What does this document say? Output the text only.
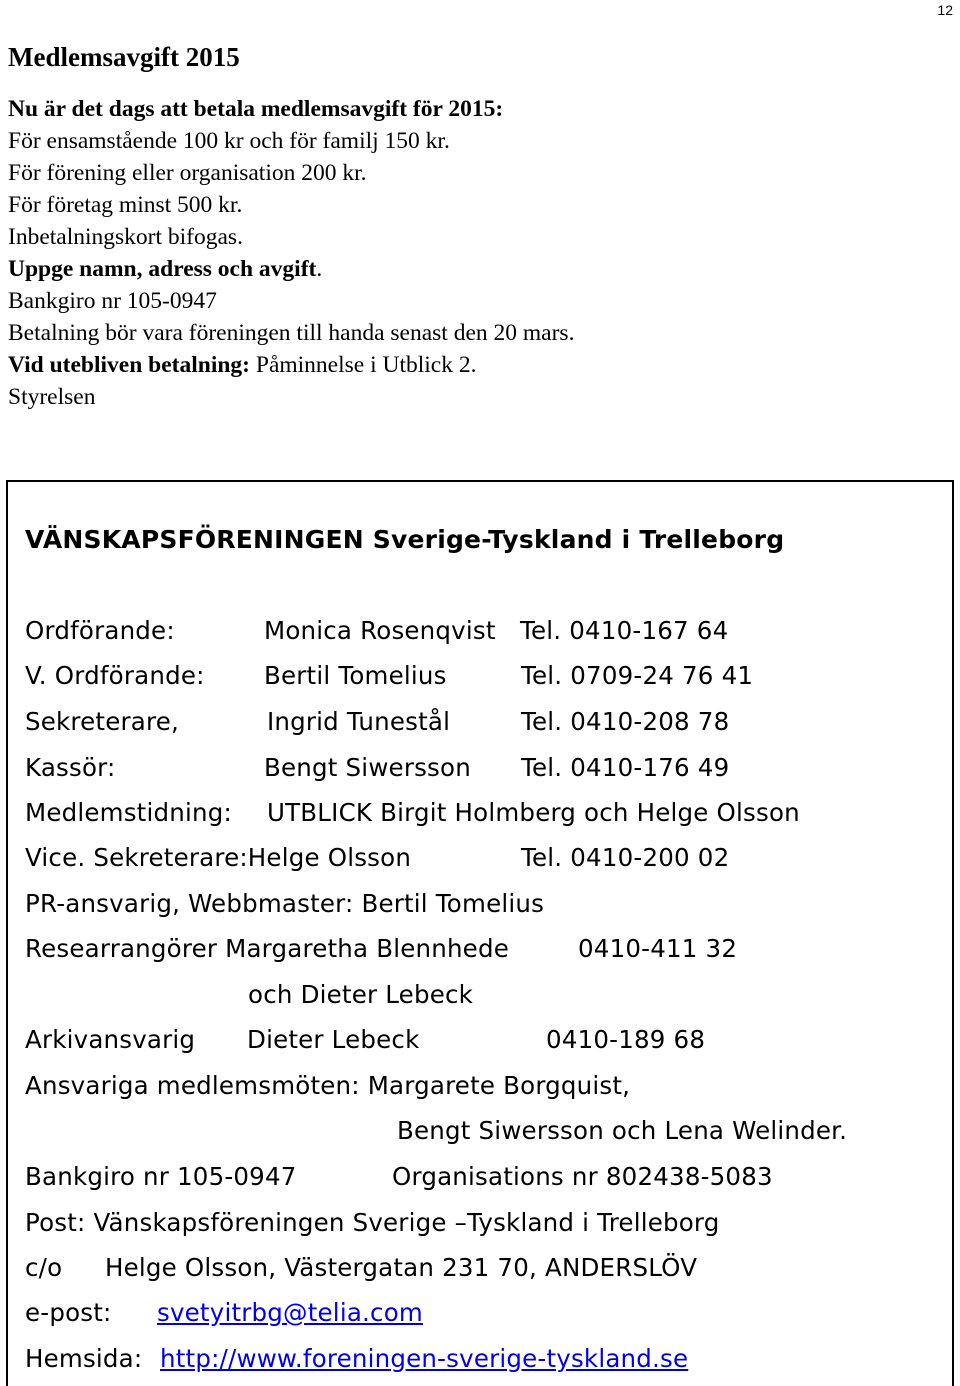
12
Medlemsavgift 2015
Nu är det dags att betala medlemsavgift för 2015:
För ensamstående 100 kr och för familj 150 kr.
För förening eller organisation 200 kr.
För företag minst 500 kr.
Inbetalningskort bifogas.
Uppge namn, adress och avgift.
Bankgiro nr 105-0947
Betalning bör vara föreningen till handa senast den 20 mars.
Vid utebliven betalning: Påminnelse i Utblick 2.
Styrelsen
VÄNSKAPSFÖRENINGEN Sverige-Tyskland i Trelleborg
Ordförande:	Monica Rosenqvist Tel. 0410-167 64
V. Ordförande: Bertil Tomelius	Tel. 0709-24 76 41
Sekreterare,	Ingrid Tunestål	Tel. 0410-208 78
Kassör:	Bengt Siwersson Tel. 0410-176 49
Medlemstidning: UTBLICK Birgit Holmberg och Helge Olsson
Vice. Sekreterare:Helge Olsson	Tel. 0410-200 02
PR-ansvarig, Webbmaster: Bertil Tomelius
Researrangörer Margaretha Blennhede	0410-411 32
och Dieter Lebeck
Arkivansvarig Dieter Lebeck	0410-189 68
Ansvariga medlemsmöten: Margarete Borgquist,
Bengt Siwersson och Lena Welinder.
Bankgiro nr 105-0947	Organisations nr 802438-5083
Post: Vänskapsföreningen Sverige –Tyskland i Trelleborg
c/o Helge Olsson, Västergatan 231 70, ANDERSLÖV
e-post: svetyitrbg@telia.com
Hemsida: http://www.foreningen-sverige-tyskland.se
